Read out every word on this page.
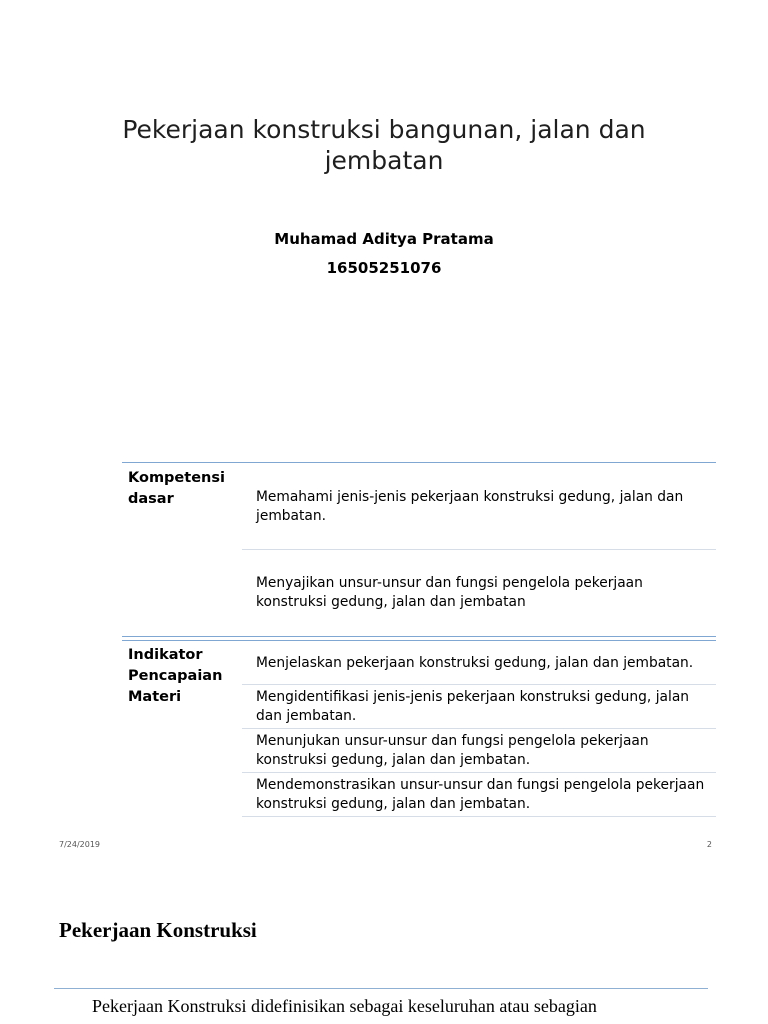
Pekerjaan konstruksi bangunan, jalan dan jembatan
Muhamad Aditya Pratama
16505251076
Kompetensi dasar	Memahami jenis-jenis pekerjaan konstruksi gedung, jalan dan jembatan.
Menyajikan unsur-unsur dan fungsi pengelola pekerjaan konstruksi gedung, jalan dan jembatan
Indikator Pencapaian Materi
Menjelaskan pekerjaan konstruksi gedung, jalan dan jembatan.
Mengidentifikasi jenis-jenis pekerjaan konstruksi gedung, jalan dan jembatan.
Menunjukan unsur-unsur dan fungsi pengelola pekerjaan konstruksi gedung, jalan dan jembatan.
Mendemonstrasikan unsur-unsur dan fungsi pengelola pekerjaan konstruksi gedung, jalan dan jembatan.
7/24/2019	2
Pekerjaan Konstruksi
Pekerjaan Konstruksi didefinisikan sebagai keseluruhan atau sebagian
